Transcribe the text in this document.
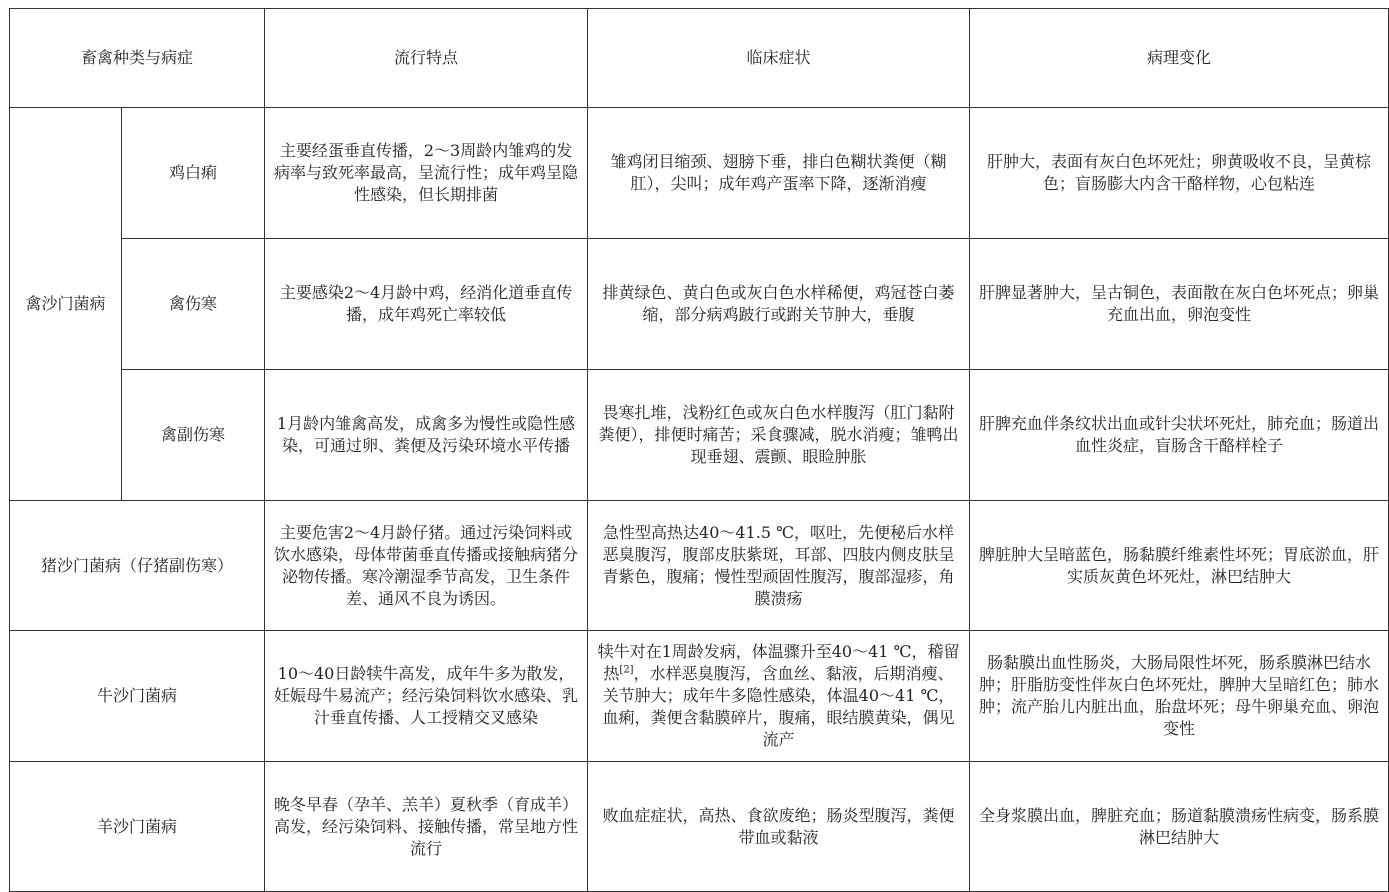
畜禽种类与病症		流行特点	临床症状	病理变化
禽沙门菌病	鸡白痢	主要经蛋垂直传播，2～3周龄内雏鸡的发病率与致死率最高，呈流行性；成年鸡呈隐性感染，但长期排菌	雏鸡闭目缩颈、翅膀下垂，排白色糊状粪便（糊肛），尖叫；成年鸡产蛋率下降，逐渐消瘦	肝肿大，表面有灰白色坏死灶；卵黄吸收不良，呈黄棕色；盲肠膨大内含干酪样物，心包粘连
	禽伤寒	主要感染2～4月龄中鸡，经消化道垂直传播，成年鸡死亡率较低	排黄绿色、黄白色或灰白色水样稀便，鸡冠苍白萎缩，部分病鸡跛行或跗关节肿大，垂腹	肝脾显著肿大，呈古铜色，表面散在灰白色坏死点；卵巢充血出血，卵泡变性
	禽副伤寒	1月龄内雏禽高发，成禽多为慢性或隐性感染，可通过卵、粪便及污染环境水平传播	畏寒扎堆，浅粉红色或灰白色水样腹泻（肛门黏附粪便），排便时痛苦；采食骤减，脱水消瘦；雏鸭出现垂翅、震颤、眼睑肿胀	肝脾充血伴条纹状出血或针尖状坏死灶，肺充血；肠道出血性炎症，盲肠含干酪样栓子
猪沙门菌病（仔猪副伤寒）		主要危害2～4月龄仔猪。通过污染饲料或饮水感染，母体带菌垂直传播或接触病猪分泌物传播。寒冷潮湿季节高发，卫生条件差、通风不良为诱因。	急性型高热达40～41.5 ℃，呕吐，先便秘后水样恶臭腹泻，腹部皮肤紫斑，耳部、四肢内侧皮肤呈青紫色，腹痛；慢性型顽固性腹泻，腹部湿疹，角膜溃疡	脾脏肿大呈暗蓝色，肠黏膜纤维素性坏死；胃底淤血，肝实质灰黄色坏死灶，淋巴结肿大
牛沙门菌病		10～40日龄犊牛高发，成年牛多为散发，妊娠母牛易流产；经污染饲料饮水感染、乳汁垂直传播、人工授精交叉感染	犊牛对在1周龄发病，体温骤升至40～41 ℃，稽留热[2]，水样恶臭腹泻，含血丝、黏液，后期消瘦、关节肿大；成年牛多隐性感染，体温40～41 ℃，血痢，粪便含黏膜碎片，腹痛，眼结膜黄染，偶见流产	肠黏膜出血性肠炎，大肠局限性坏死，肠系膜淋巴结水肿；肝脂肪变性伴灰白色坏死灶，脾肿大呈暗红色；肺水肿；流产胎儿内脏出血，胎盘坏死；母牛卵巢充血、卵泡变性
羊沙门菌病		晚冬早春（孕羊、羔羊）夏秋季（育成羊）高发，经污染饲料、接触传播，常呈地方性流行	败血症症状，高热、食欲废绝；肠炎型腹泻，粪便带血或黏液	全身浆膜出血，脾脏充血；肠道黏膜溃疡性病变，肠系膜淋巴结肿大
